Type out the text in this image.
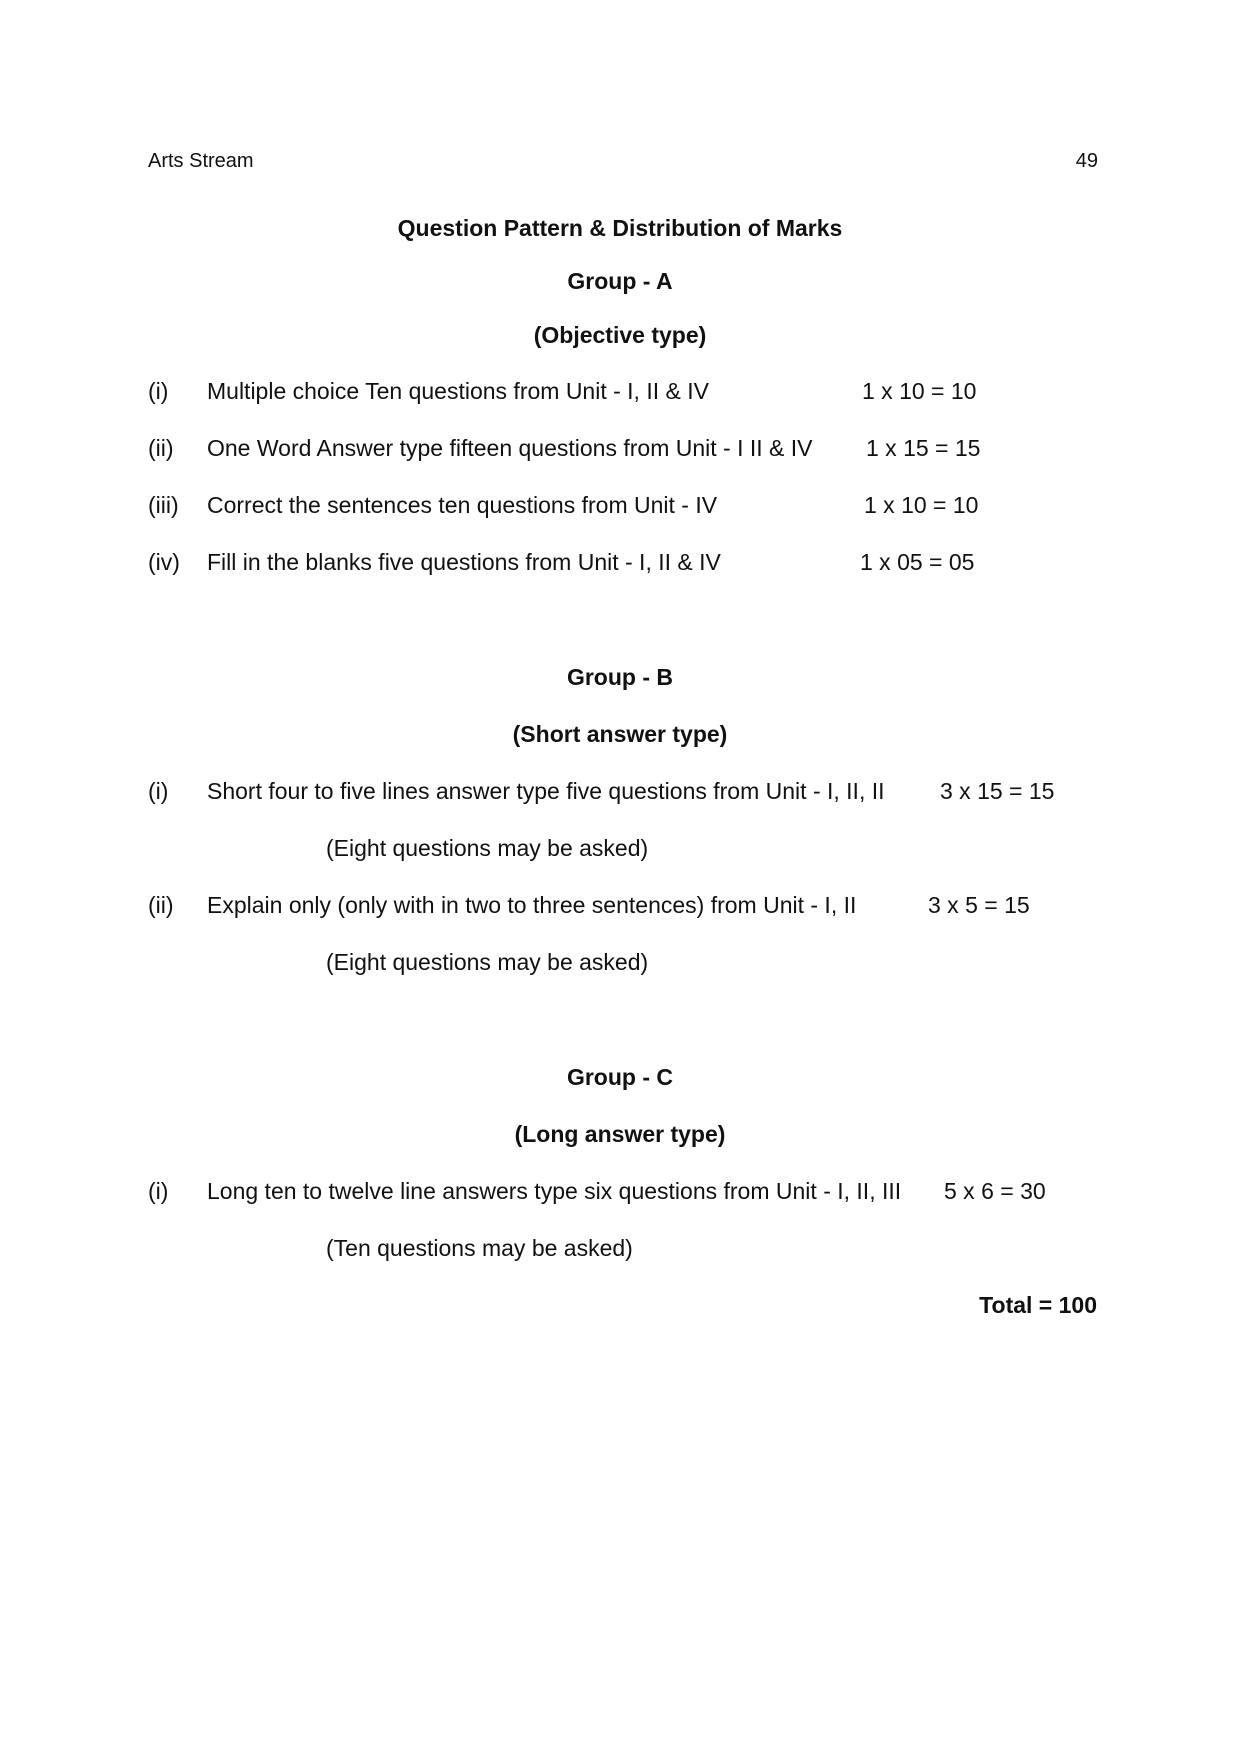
Arts Stream	49
Question Pattern & Distribution of Marks
Group - A
(Objective type)
(i) Multiple choice Ten questions from Unit - I, II & IV	1 x 10 = 10
(ii) One Word Answer type fifteen questions from Unit - I II & IV 1 x 15 = 15
(iii) Correct the sentences ten questions from Unit - IV	1 x 10 = 10
(iv) Fill in the blanks five questions from Unit - I, II & IV	1 x 05 = 05
Group - B
(Short answer type)
(i) Short four to five lines answer type five questions from Unit - I, II, II 3 x 15 = 15
(Eight questions may be asked)
(ii) Explain only (only with in two to three sentences) from Unit - I, II	3 x 5 = 15
(Eight questions may be asked)
Group - C
(Long answer type)
(i) Long ten to twelve line answers type six questions from Unit - I, II, III 5 x 6 = 30
(Ten questions may be asked)
Total = 100
